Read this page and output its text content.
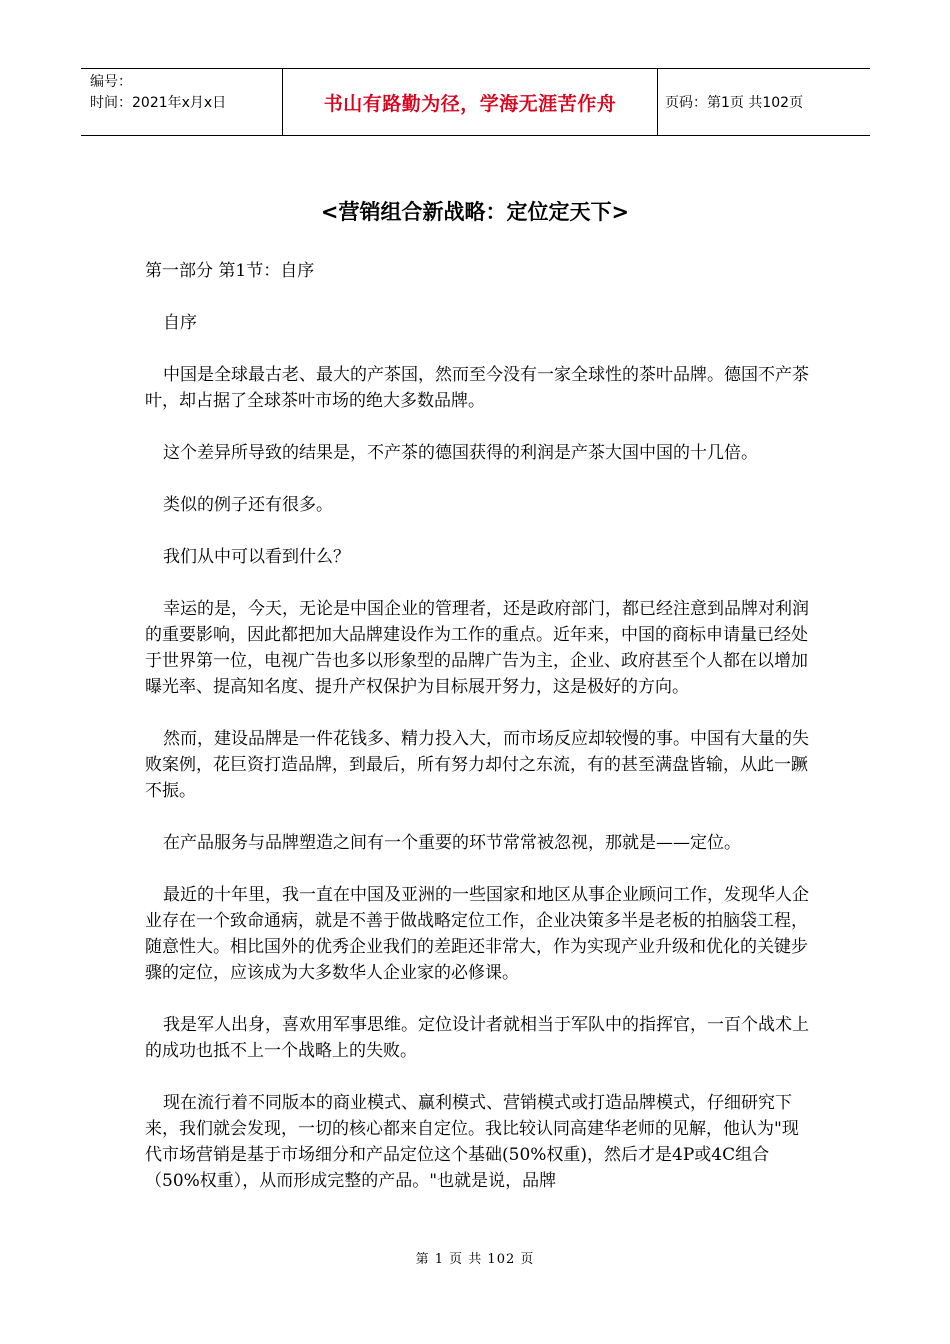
编号：
时间：2021年x月x日	书山有路勤为径，学海无涯苦作舟	页码：第1页 共102页
<营销组合新战略：定位定天下>

第一部分 第1节：自序

自序

中国是全球最古老、最大的产茶国，然而至今没有一家全球性的茶叶品牌。德国不产茶叶，却占据了全球茶叶市场的绝大多数品牌。

这个差异所导致的结果是，不产茶的德国获得的利润是产茶大国中国的十几倍。

类似的例子还有很多。

我们从中可以看到什么？

幸运的是，今天，无论是中国企业的管理者，还是政府部门，都已经注意到品牌对利润的重要影响，因此都把加大品牌建设作为工作的重点。近年来，中国的商标申请量已经处于世界第一位，电视广告也多以形象型的品牌广告为主，企业、政府甚至个人都在以增加曝光率、提高知名度、提升产权保护为目标展开努力，这是极好的方向。

然而，建设品牌是一件花钱多、精力投入大，而市场反应却较慢的事。中国有大量的失败案例，花巨资打造品牌，到最后，所有努力却付之东流，有的甚至满盘皆输，从此一蹶不振。

在产品服务与品牌塑造之间有一个重要的环节常常被忽视，那就是——定位。

最近的十年里，我一直在中国及亚洲的一些国家和地区从事企业顾问工作，发现华人企业存在一个致命通病，就是不善于做战略定位工作，企业决策多半是老板的拍脑袋工程，随意性大。相比国外的优秀企业我们的差距还非常大，作为实现产业升级和优化的关键步骤的定位，应该成为大多数华人企业家的必修课。

我是军人出身，喜欢用军事思维。定位设计者就相当于军队中的指挥官，一百个战术上的成功也抵不上一个战略上的失败。

现在流行着不同版本的商业模式、赢利模式、营销模式或打造品牌模式，仔细研究下来，我们就会发现，一切的核心都来自定位。我比较认同高建华老师的见解，他认为"现代市场营销是基于市场细分和产品定位这个基础(50%权重)，然后才是4P或4C组合（50%权重），从而形成完整的产品。"也就是说，品牌

第 1 页 共 102 页
